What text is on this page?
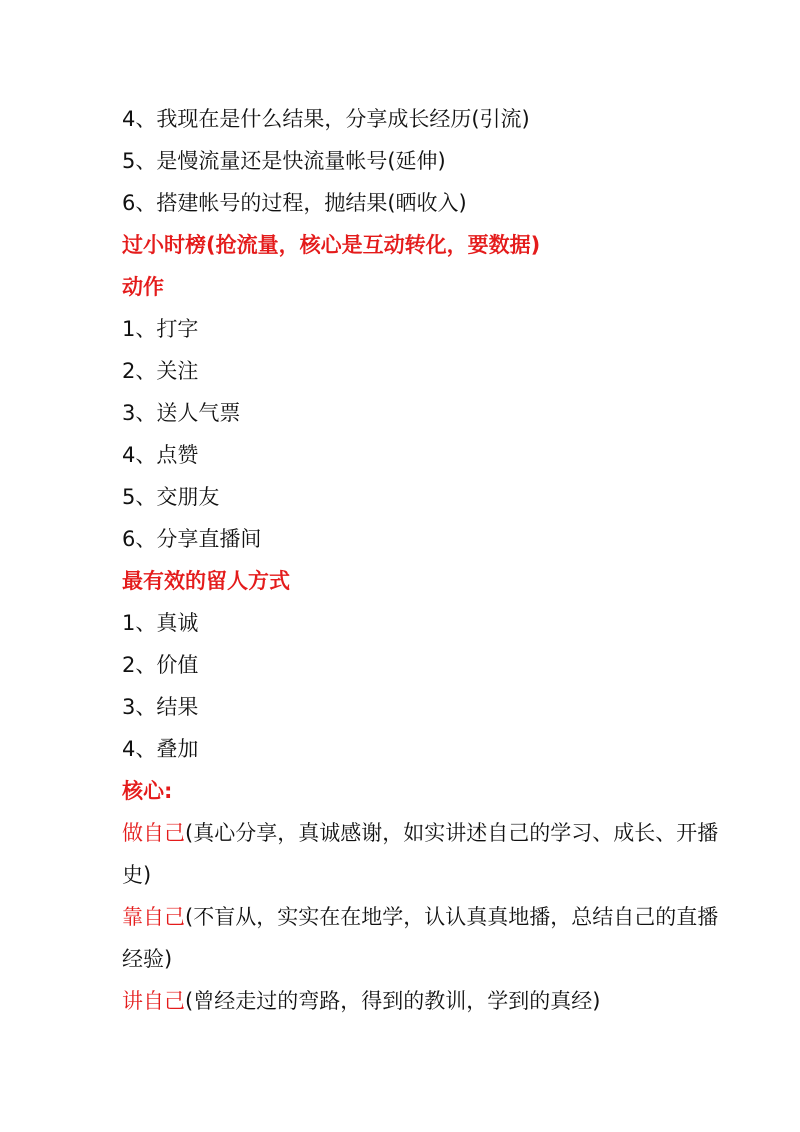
4、我现在是什么结果，分享成长经历(引流)
5、是慢流量还是快流量帐号(延伸)
6、搭建帐号的过程，抛结果(晒收入)
过小时榜(抢流量，核心是互动转化，要数据)
动作
1、打字
2、关注
3、送人气票
4、点赞
5、交朋友
6、分享直播间
最有效的留人方式
1、真诚
2、价值
3、结果
4、叠加
核心:
做自己(真心分享，真诚感谢，如实讲述自己的学习、成长、开播史)
靠自己(不盲从，实实在在地学，认认真真地播，总结自己的直播经验)
讲自己(曾经走过的弯路，得到的教训，学到的真经)
